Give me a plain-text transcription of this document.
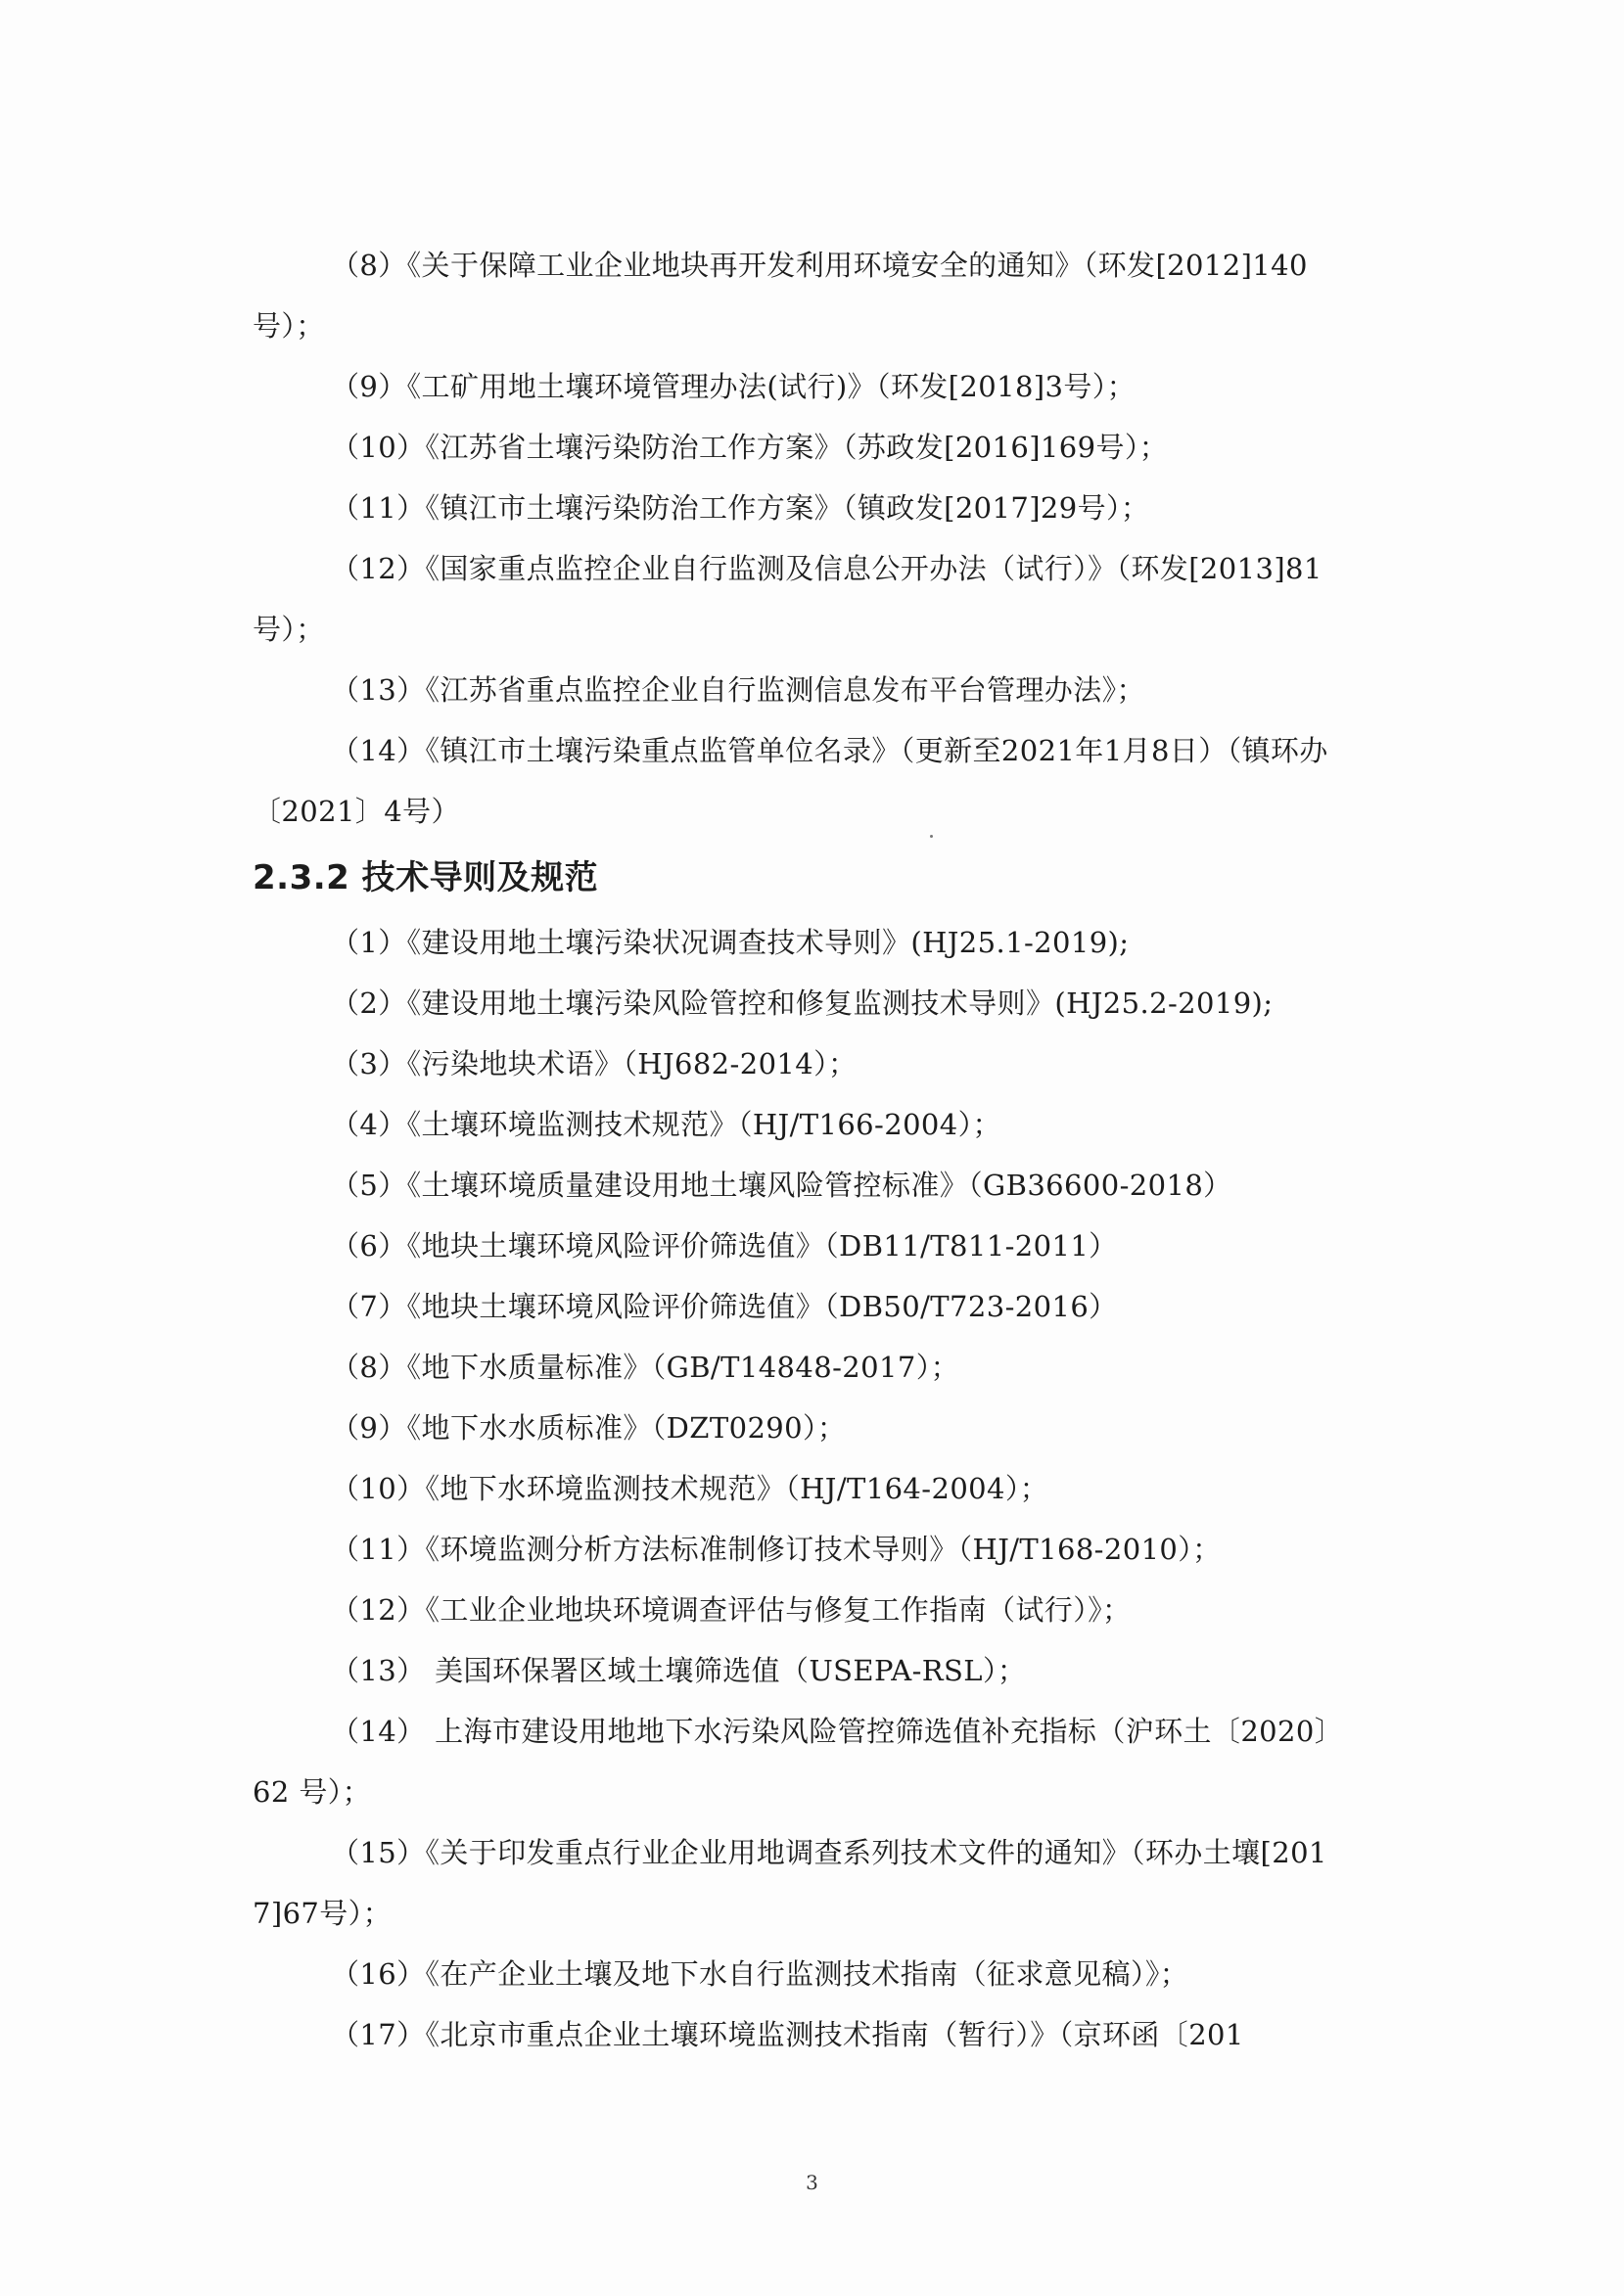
（8）《关于保障工业企业地块再开发利用环境安全的通知》（环发[2012]140号）；

（9）《工矿用地土壤环境管理办法(试行)》（环发[2018]3号）；

（10）《江苏省土壤污染防治工作方案》（苏政发[2016]169号）；

（11）《镇江市土壤污染防治工作方案》（镇政发[2017]29号）；

（12）《国家重点监控企业自行监测及信息公开办法（试行）》（环发[2013]81号）；

（13）《江苏省重点监控企业自行监测信息发布平台管理办法》；

（14）《镇江市土壤污染重点监管单位名录》（更新至2021年1月8日）（镇环办〔2021〕4号）

2.3.2 技术导则及规范

（1）《建设用地土壤污染状况调查技术导则》(HJ25.1-2019);

（2）《建设用地土壤污染风险管控和修复监测技术导则》(HJ25.2-2019);

（3）《污染地块术语》（HJ682-2014）；

（4）《土壤环境监测技术规范》（HJ/T166-2004）；

（5）《土壤环境质量建设用地土壤风险管控标准》（GB36600-2018）

（6）《地块土壤环境风险评价筛选值》（DB11/T811-2011）

（7）《地块土壤环境风险评价筛选值》（DB50/T723-2016）

（8）《地下水质量标准》（GB/T14848-2017）；

（9）《地下水水质标准》（DZT0290）；

（10）《地下水环境监测技术规范》（HJ/T164-2004）；

（11）《环境监测分析方法标准制修订技术导则》（HJ/T168-2010）；

（12）《工业企业地块环境调查评估与修复工作指南（试行）》；

（13） 美国环保署区域土壤筛选值（USEPA-RSL）；

（14） 上海市建设用地地下水污染风险管控筛选值补充指标（沪环土〔2020〕62 号）；

（15）《关于印发重点行业企业用地调查系列技术文件的通知》（环办土壤[2017]67号）；

（16）《在产企业土壤及地下水自行监测技术指南（征求意见稿）》；

（17）《北京市重点企业土壤环境监测技术指南（暂行）》（京环函〔201

3
